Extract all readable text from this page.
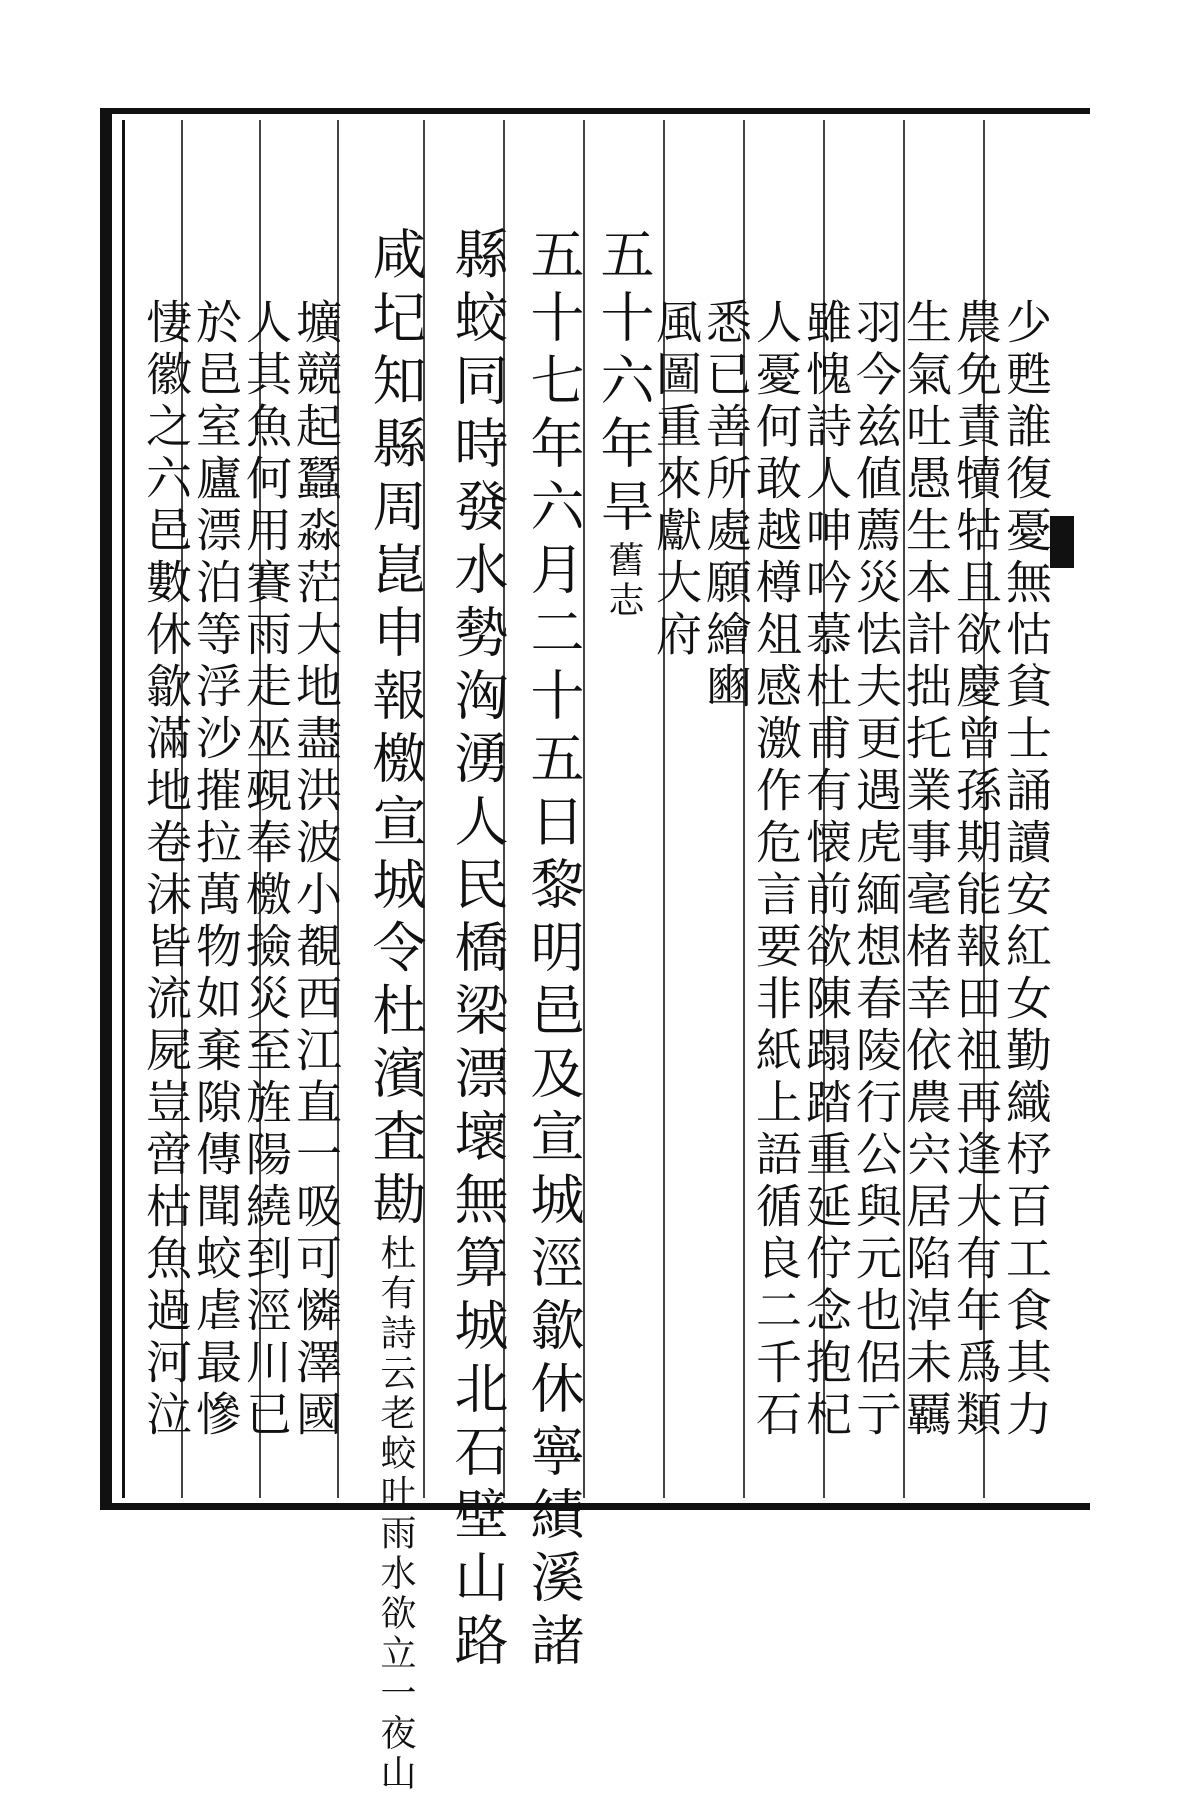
少甦誰復憂無怙貧士誦讀安紅女勤織杼百工食其力
農免責犢牯且欲慶曾孫期能報田祖再逢大有年爲類
生氣吐愚生本計拙托業事毫楮幸依農宍居陷淖未覊
羽今兹値薦災怯夫更遇虎緬想春陵行公與元也侶亍
雖愧詩人呻吟慕杜甫有懐前欲陳蹋踏重延佇念抱杞
人憂何敢越樽俎感激作危言要非紙上語循良二千石
悉已善所處願繪豳
風圖重來獻大府
五十六年旱舊志
五十七年六月二十五日黎明邑及宣城涇歙休寧績溪諸
縣蛟同時發水勢洶湧人民橋梁漂壞無算城北石壁山路
咸圮知縣周崑申報檄宣城令杜濱査勘杜有詩云老蛟吐雨水欲立一夜山
壙競起蠶淼茫大地盡洪波小覩西江直一吸可憐澤國
人其魚何用賽雨走巫覡奉檄撿災至旌陽繞到涇川已
於邑室廬漂泊等浮沙摧拉萬物如棄隙傳聞蛟虐最慘
悽徽之六邑數休歙滿地卷沫皆流屍豈啻枯魚過河泣
